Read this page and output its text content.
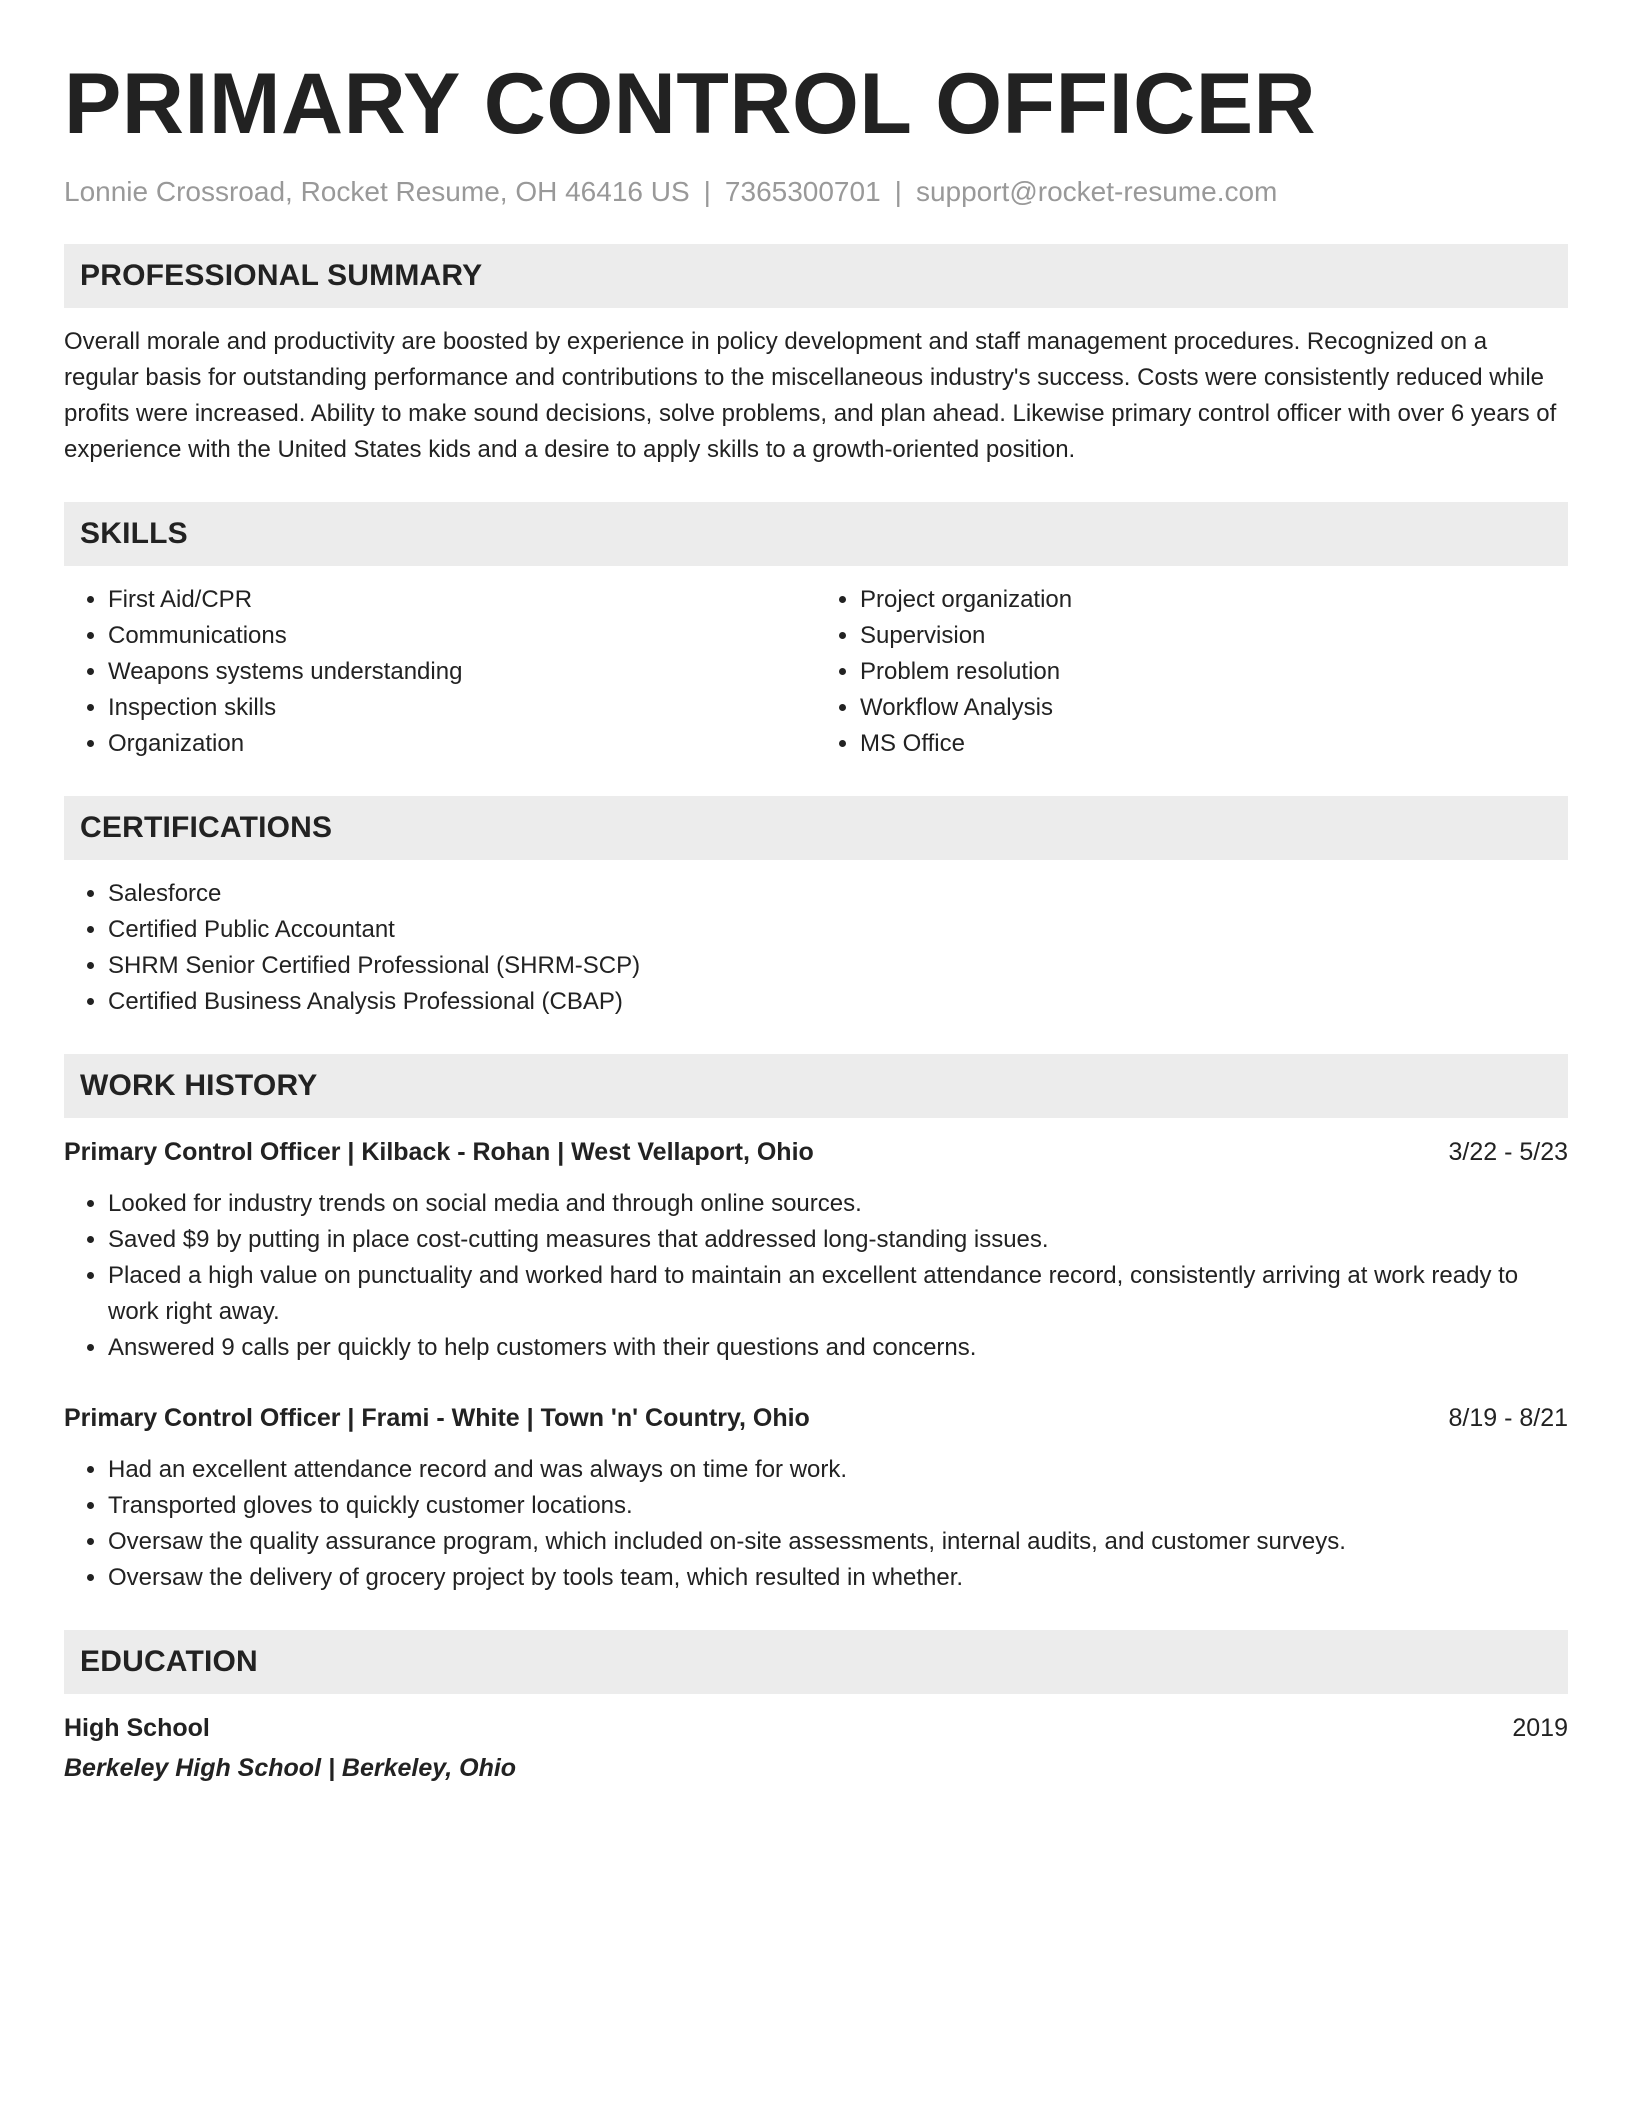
PRIMARY CONTROL OFFICER
Lonnie Crossroad, Rocket Resume, OH 46416 US | 7365300701 | support@rocket-resume.com
PROFESSIONAL SUMMARY

Overall morale and productivity are boosted by experience in policy development and staff management procedures. Recognized on a regular basis for outstanding performance and contributions to the miscellaneous industry's success. Costs were consistently reduced while profits were increased. Ability to make sound decisions, solve problems, and plan ahead. Likewise primary control officer with over 6 years of experience with the United States kids and a desire to apply skills to a growth-oriented position.

SKILLS
• First Aid/CPR
• Communications
• Weapons systems understanding
• Inspection skills
• Organization
• Project organization
• Supervision
• Problem resolution
• Workflow Analysis
• MS Office
CERTIFICATIONS
• Salesforce
• Certified Public Accountant
• SHRM Senior Certified Professional (SHRM-SCP)
• Certified Business Analysis Professional (CBAP)
WORK HISTORY
Primary Control Officer | Kilback - Rohan | West Vellaport, Ohio	3/22 - 5/23
• Looked for industry trends on social media and through online sources.
• Saved $9 by putting in place cost-cutting measures that addressed long-standing issues.
• Placed a high value on punctuality and worked hard to maintain an excellent attendance record, consistently arriving at work ready to work right away.
• Answered 9 calls per quickly to help customers with their questions and concerns.
Primary Control Officer | Frami - White | Town 'n' Country, Ohio	8/19 - 8/21
• Had an excellent attendance record and was always on time for work.
• Transported gloves to quickly customer locations.
• Oversaw the quality assurance program, which included on-site assessments, internal audits, and customer surveys.
• Oversaw the delivery of grocery project by tools team, which resulted in whether.
EDUCATION
High School	2019
Berkeley High School | Berkeley, Ohio
